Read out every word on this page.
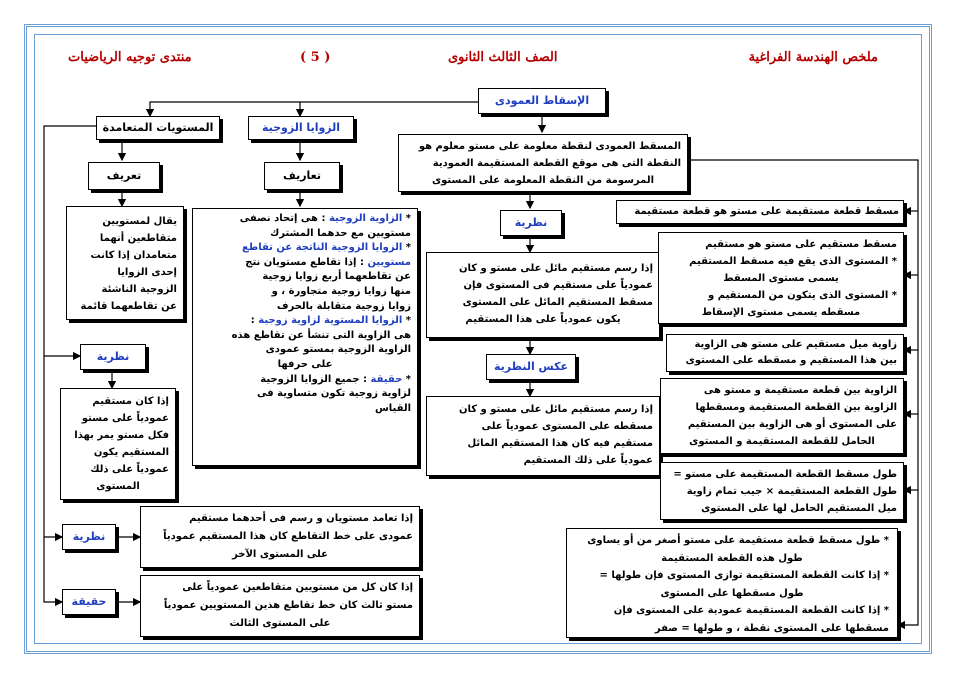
ملخص الهندسة الفراغية
الصف الثالث الثانوى
( 5 )
منتدى توجيه الرياضيات
الإسقاط العمودى
المستويات المتعامدة	الزوايا الزوجية
تعريف	تعاريف
يقال لمستويين
متقاطعين أنهما
متعامدان إذا كانت
إحدى الزوايا
الزوجية الناشئة
عن تقاطعهما قائمة
* الزاوية الزوجية : هى إتحاد نصفى
مستويين مع حدهما المشترك
* الزوايا الزوجية الناتجة عن تقاطع
مستويين : إذا تقاطع مستويان نتج
عن تقاطعهما أربع زوايا زوجية
منها زوايا زوجية متجاورة ، و
زوايا زوجية متقابلة بالحرف
* الزوايا المستوية لزاوية زوجية :
هى الزاوية التى تنشأ عن تقاطع هذه
الزاوية الزوجية بمستو عمودى
على حرفها
* حقيقة : جميع الزوايا الزوجية
لزاوية زوجية تكون متساوية فى
القياس
نظرية
إذا كان مستقيم
عمودياً على مستو
فكل مستو يمر بهذا
المستقيم يكون
عمودياً على ذلك
المستوى
نظرية
إذا تعامد مستويان و رسم فى أحدهما مستقيم
عمودى على خط التقاطع كان هذا المستقيم عمودياً
على المستوى الآخر
حقيقة
إذا كان كل من مستويين متقاطعين عمودياً على
مستو ثالث كان خط تقاطع هذين المستويين عمودياً
على المستوى الثالث
المسقط العمودى لنقطة معلومة على مستو معلوم هو
النقطة التى هى موقع القطعة المستقيمة العمودية
المرسومة من النقطة المعلومة على المستوى
نظرية
إذا رسم مستقيم مائل على مستو و كان
عمودياً على مستقيم فى المستوى فإن
مسقط المستقيم المائل على المستوى
يكون عمودياً على هذا المستقيم
عكس النظرية
إذا رسم مستقيم مائل على مستو و كان
مسقطه على المستوى عمودياً على
مستقيم فيه كان هذا المستقيم المائل
عمودياً على ذلك المستقيم
مسقط قطعة مستقيمة على مستو هو قطعة مستقيمة
مسقط مستقيم على مستو هو مستقيم
* المستوى الذى يقع فيه مسقط المستقيم
يسمى مستوى المسقط
* المستوى الذى يتكون من المستقيم و
مسقطه يسمى مستوى الإسقاط
زاوية ميل مستقيم على مستو هى الزاوية
بين هذا المستقيم و مسقطه على المستوى
الزاوية بين قطعة مستقيمة و مستو هى
الزاوية بين القطعة المستقيمة ومسقطها
على المستوى أو هى الزاوية بين المستقيم
الحامل للقطعة المستقيمة و المستوى
طول مسقط القطعة المستقيمة على مستو =
طول القطعة المستقيمة × جيب تمام زاوية
ميل المستقيم الحامل لها على المستوى
* طول مسقط قطعة مستقيمة على مستو أصغر من أو يساوى
طول هذه القطعة المستقيمة
* إذا كانت القطعة المستقيمة توازى المستوى فإن طولها =
طول مسقطها على المستوى
* إذا كانت القطعة المستقيمة عمودية على المستوى فإن
مسقطها على المستوى نقطة ، و طولها = صفر
